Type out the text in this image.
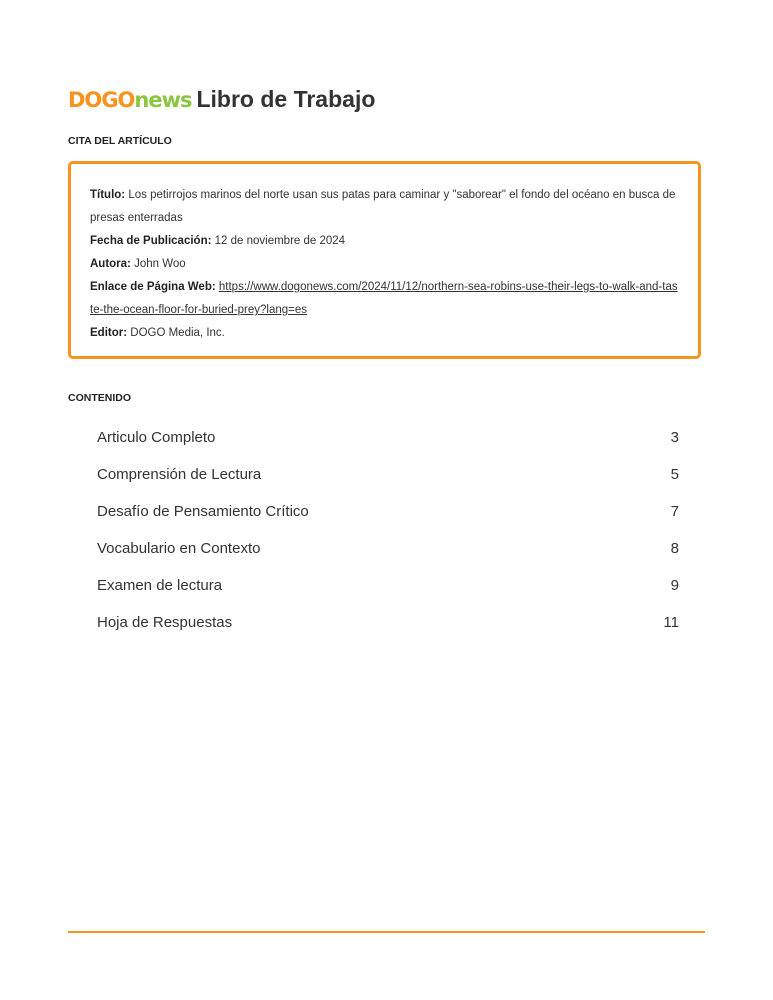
DOGOnews Libro de Trabajo
CITA DEL ARTÍCULO

Título: Los petirrojos marinos del norte usan sus patas para caminar y "saborear" el fondo del océano en busca de presas enterradas

Fecha de Publicación: 12 de noviembre de 2024

Autora: John Woo

Enlace de Página Web: https://www.dogonews.com/2024/11/12/northern-sea-robins-use-their-legs-to-walk-and-taste-the-ocean-floor-for-buried-prey?lang=es

Editor: DOGO Media, Inc.

CONTENIDO
Articulo Completo	3
Comprensión de Lectura	5
Desafío de Pensamiento Crítico	7
Vocabulario en Contexto	8
Examen de lectura	9
Hoja de Respuestas	11
